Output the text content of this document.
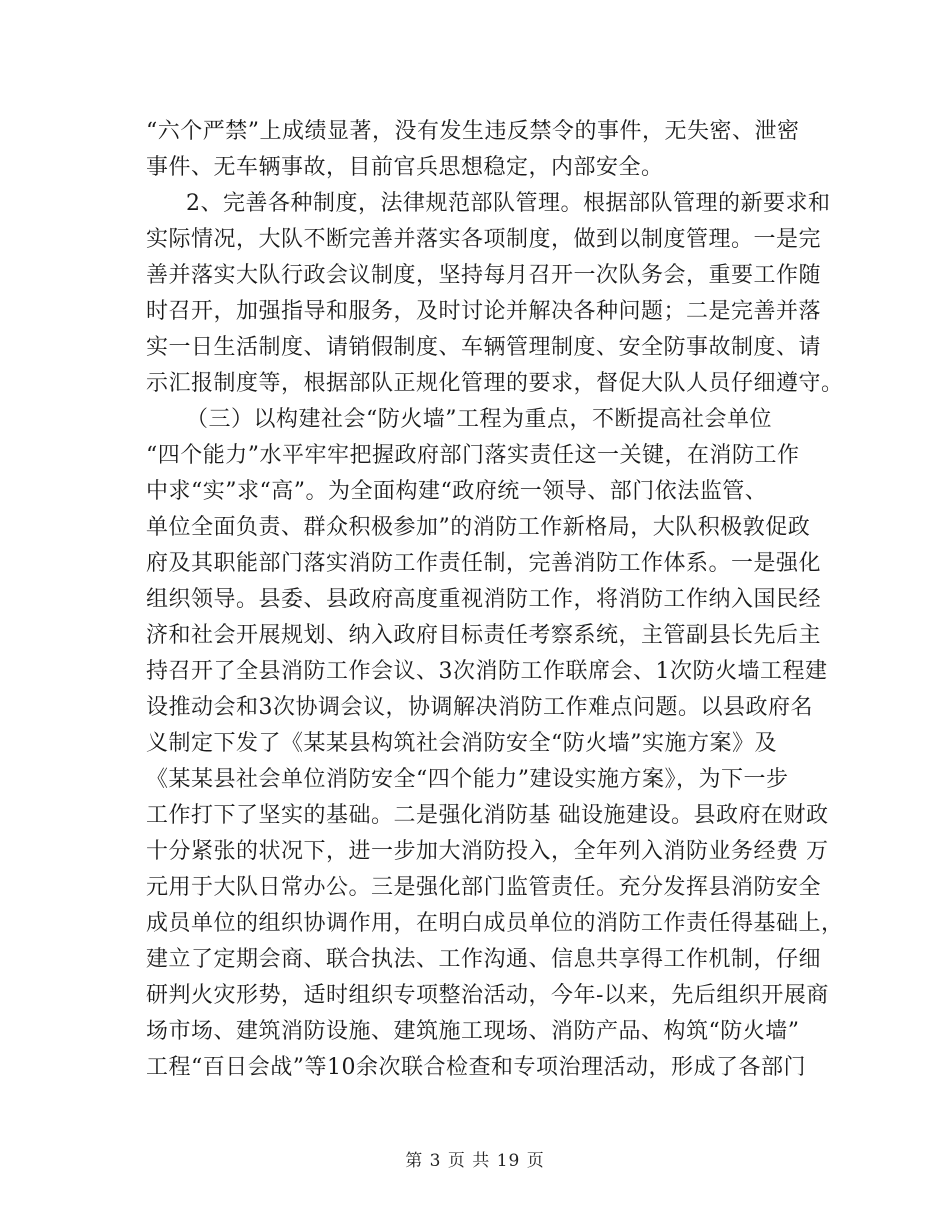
“六个严禁”上成绩显著，没有发生违反禁令的事件，无失密、泄密
事件、无车辆事故，目前官兵思想稳定，内部安全。
2、完善各种制度，法律规范部队管理。根据部队管理的新要求和
实际情况，大队不断完善并落实各项制度，做到以制度管理。一是完
善并落实大队行政会议制度，坚持每月召开一次队务会，重要工作随
时召开，加强指导和服务，及时讨论并解决各种问题；二是完善并落
实一日生活制度、请销假制度、车辆管理制度、安全防事故制度、请
示汇报制度等，根据部队正规化管理的要求，督促大队人员仔细遵守。
（三）以构建社会“防火墙”工程为重点，不断提高社会单位
“四个能力”水平牢牢把握政府部门落实责任这一关键，在消防工作
中求“实”求“高”。为全面构建“政府统一领导、部门依法监管、
单位全面负责、群众积极参加”的消防工作新格局，大队积极敦促政
府及其职能部门落实消防工作责任制，完善消防工作体系。一是强化
组织领导。县委、县政府高度重视消防工作，将消防工作纳入国民经
济和社会开展规划、纳入政府目标责任考察系统，主管副县长先后主
持召开了全县消防工作会议、3次消防工作联席会、1次防火墙工程建
设推动会和3次协调会议，协调解决消防工作难点问题。以县政府名
义制定下发了《某某县构筑社会消防安全“防火墙”实施方案》及
《某某县社会单位消防安全“四个能力”建设实施方案》，为下一步
工作打下了坚实的基础。二是强化消防基 础设施建设。县政府在财政
十分紧张的状况下，进一步加大消防投入，全年列入消防业务经费 万
元用于大队日常办公。三是强化部门监管责任。充分发挥县消防安全
成员单位的组织协调作用，在明白成员单位的消防工作责任得基础上，
建立了定期会商、联合执法、工作沟通、信息共享得工作机制，仔细
研判火灾形势，适时组织专项整治活动，今年-以来，先后组织开展商
场市场、建筑消防设施、建筑施工现场、消防产品、构筑“防火墙”
工程“百日会战”等10余次联合检查和专项治理活动，形成了各部门
第 3 页 共 19 页
